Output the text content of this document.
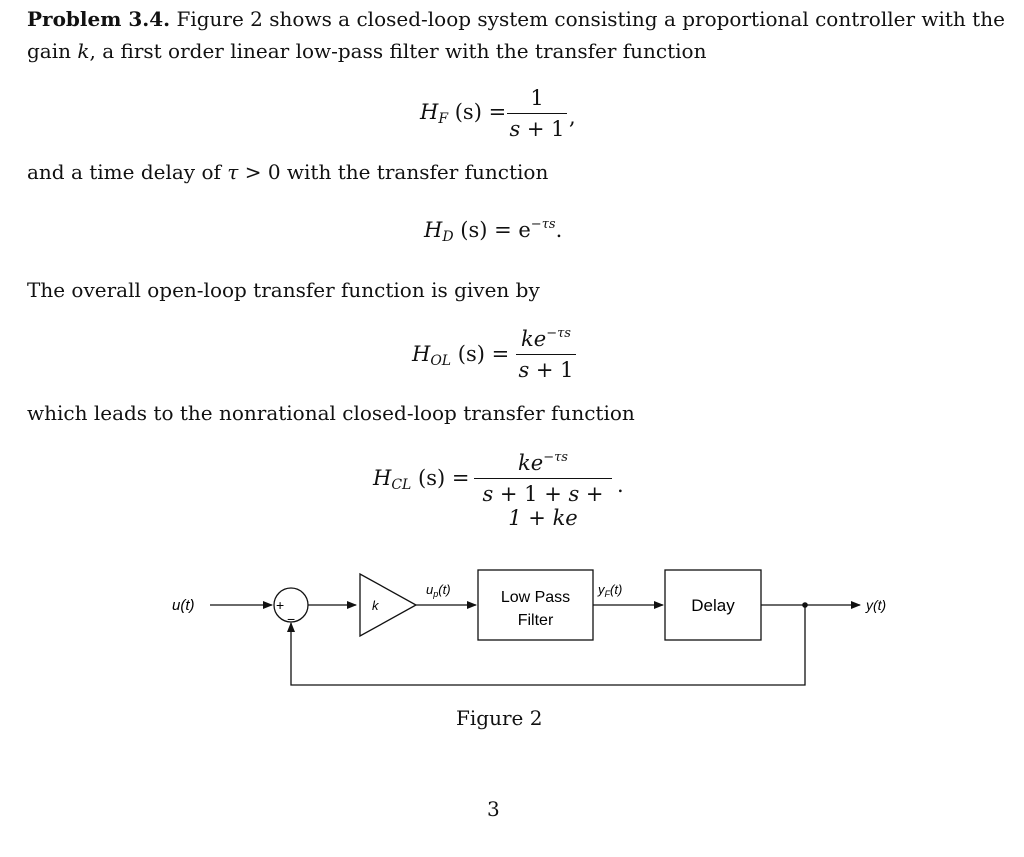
Problem 3.4. Figure 2 shows a closed-loop system consisting a proportional controller with the
gain k, a first order linear low-pass filter with the transfer function
$H_F$ (s) =
1
s + 1 ,
and a time delay of τ > 0 with the transfer function
$H_D$ $(s) = e^{-\tau s}$.
The overall open-loop transfer function is given by
$H_{OL}$ (s) =
$ke^{-\tau s}$
s + 1
which leads to the nonrational closed-loop transfer function
$H_{CL}$ (s) =
$ke^{-\tau s}$
s + 1 + s + 1 + ke
.
u(t)	+
−
k
$u_p(t)$	Low Pass
Filter
$y_F(t)$
Delay	y(t)
Figure 2
3
